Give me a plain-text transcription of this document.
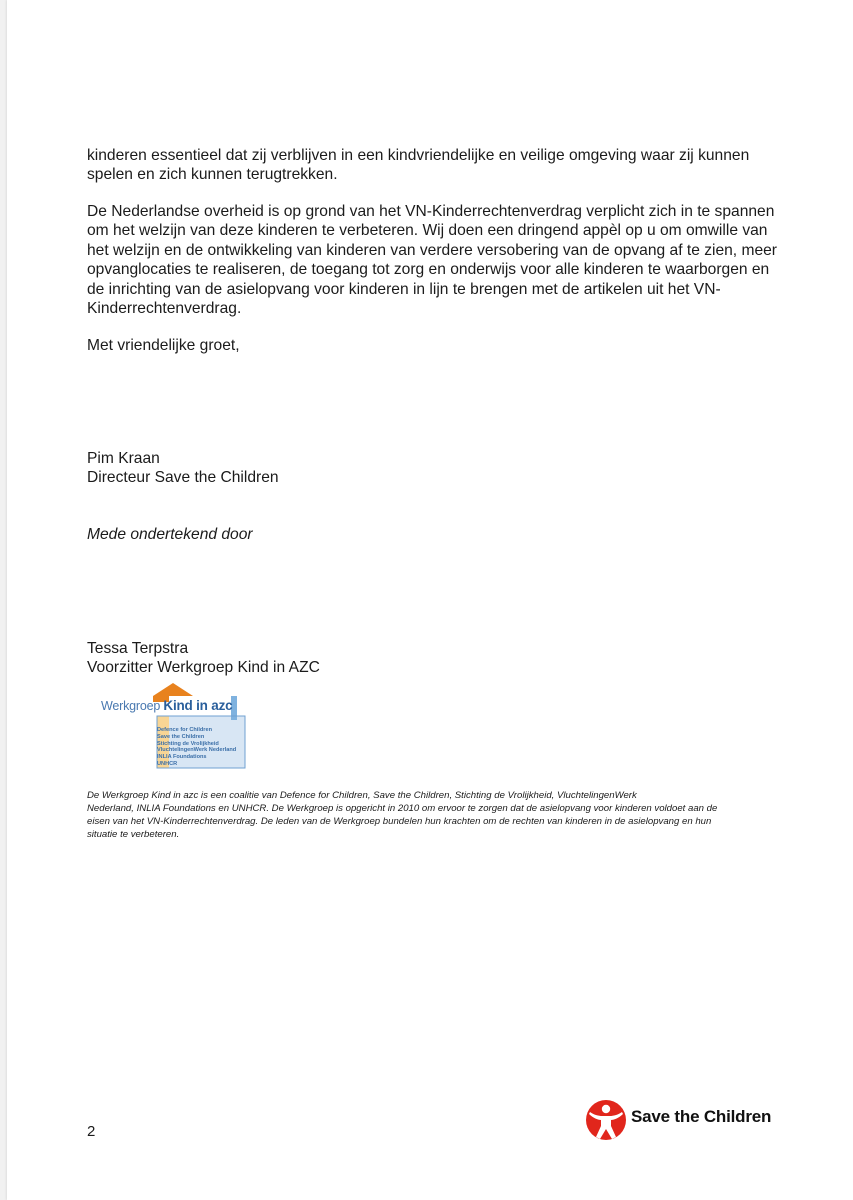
kinderen essentieel dat zij verblijven in een kindvriendelijke en veilige omgeving waar zij kunnen
spelen en zich kunnen terugtrekken.

De Nederlandse overheid is op grond van het VN-Kinderrechtenverdrag verplicht zich in te spannen
om het welzijn van deze kinderen te verbeteren. Wij doen een dringend appèl op u om omwille van
het welzijn en de ontwikkeling van kinderen van verdere versobering van de opvang af te zien, meer
opvanglocaties te realiseren, de toegang tot zorg en onderwijs voor alle kinderen te waarborgen en
de inrichting van de asielopvang voor kinderen in lijn te brengen met de artikelen uit het VN-
Kinderrechtenverdrag.

Met vriendelijke groet,

Pim Kraan
Directeur Save the Children

Mede ondertekend door

Tessa Terpstra
Voorzitter Werkgroep Kind in AZC

Werkgroep Kind in azc
Defence for Children
Save the Children
Stichting de Vrolijkheid
VluchtelingenWerk Nederland
INLIA Foundations
UNHCR
De Werkgroep Kind in azc is een coalitie van Defence for Children, Save the Children, Stichting de Vrolijkheid, VluchtelingenWerk
Nederland, INLIA Foundations en UNHCR. De Werkgroep is opgericht in 2010 om ervoor te zorgen dat de asielopvang voor kinderen voldoet aan de
eisen van het VN-Kinderrechtenverdrag. De leden van de Werkgroep bundelen hun krachten om de rechten van kinderen in de asielopvang en hun
situatie te verbeteren.
2
Save the Children
